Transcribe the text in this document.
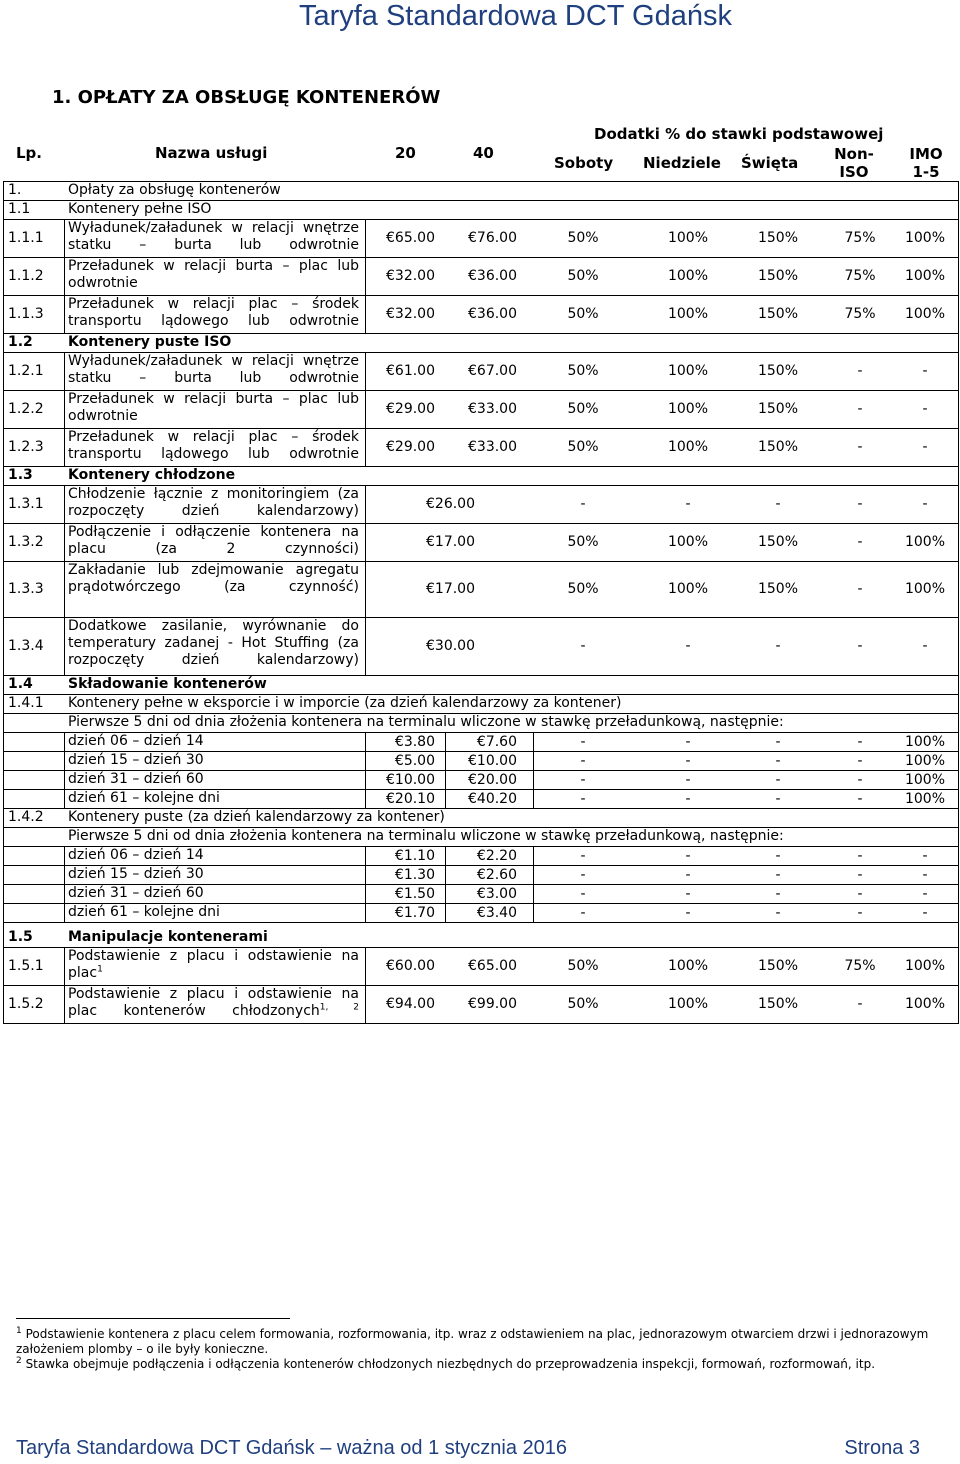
Taryfa Standardowa DCT Gdańsk
1. OPŁATY ZA OBSŁUGĘ KONTENERÓW
Lp.	Nazwa usługi	20	40
Dodatki % do stawki podstawowej
Soboty Niedziele Święta	Non-
ISO
IMO
1-5
1.	Opłaty za obsługę kontenerów
1.1	Kontenery pełne ISO
1.1.1
Wyładunek/załadunek w relacji wnętrze statku – burta lub odwrotnie	€65.00	€76.00	50%	100%	150%	75%	100%
1.1.2
Przeładunek w relacji burta – plac lub odwrotnie	€32.00	€36.00	50%	100%	150%	75%	100%
1.1.3
Przeładunek w relacji plac – środek transportu lądowego lub odwrotnie	€32.00	€36.00	50%	100%	150%	75%	100%
1.2	Kontenery puste ISO
1.2.1
Wyładunek/załadunek w relacji wnętrze statku – burta lub odwrotnie	€61.00	€67.00	50%	100%	150%	-	-
1.2.2
Przeładunek w relacji burta – plac lub odwrotnie	€29.00	€33.00	50%	100%	150%	-	-
1.2.3
Przeładunek w relacji plac – środek transportu lądowego lub odwrotnie	€29.00	€33.00	50%	100%	150%	-	-
1.3	Kontenery chłodzone
1.3.1
Chłodzenie łącznie z monitoringiem (za rozpoczęty dzień kalendarzowy)	€26.00	-	-	-	-	-
1.3.2
Podłączenie i odłączenie kontenera na placu (za 2 czynności)	€17.00	50%	100%	150%	-	100%
1.3.3
Zakładanie lub zdejmowanie agregatu prądotwórczego (za czynność)	€17.00	50%	100%	150%	-	100%
1.3.4
Dodatkowe zasilanie, wyrównanie do temperatury zadanej - Hot Stuffing (za rozpoczęty dzień kalendarzowy)
€30.00	-	-	-	-	-
1.4	Składowanie kontenerów
1.4.1 Kontenery pełne w eksporcie i w imporcie (za dzień kalendarzowy za kontener)
Pierwsze 5 dni od dnia złożenia kontenera na terminalu wliczone w stawkę przeładunkową, następnie:
dzień 06 – dzień 14	€3.80	€7.60	-	-	-	-	100%
dzień 15 – dzień 30	€5.00	€10.00	-	-	-	-	100%
dzień 31 – dzień 60	€10.00	€20.00	-	-	-	-	100%
dzień 61 – kolejne dni	€20.10	€40.20	-	-	-	-	100%
1.4.2 Kontenery puste (za dzień kalendarzowy za kontener)
Pierwsze 5 dni od dnia złożenia kontenera na terminalu wliczone w stawkę przeładunkową, następnie:
dzień 06 – dzień 14	€1.10	€2.20	-	-	-	-	-
dzień 15 – dzień 30	€1.30	€2.60	-	-	-	-	-
dzień 31 – dzień 60	€1.50	€3.00	-	-	-	-	-
dzień 61 – kolejne dni	€1.70	€3.40	-	-	-	-	-
1.5	Manipulacje kontenerami
1.5.1
Podstawienie z placu i odstawienie na plac$^1$	€60.00	€65.00	50%	100%	150%	75%	100%
1.5.2
Podstawienie z placu i odstawienie na plac kontenerów chłodzonych$^{1, 2}$	€94.00	€99.00	50%	100%	150%	-	100%
$^1$ Podstawienie kontenera z placu celem formowania, rozformowania, itp. wraz z odstawieniem na plac, jednorazowym otwarciem drzwi i jednorazowym założeniem plomby – o ile były konieczne.
$^2$ Stawka obejmuje podłączenia i odłączenia kontenerów chłodzonych niezbędnych do przeprowadzenia inspekcji, formowań, rozformowań, itp.
Taryfa Standardowa DCT Gdańsk – ważna od 1 stycznia 2016	Strona 3
